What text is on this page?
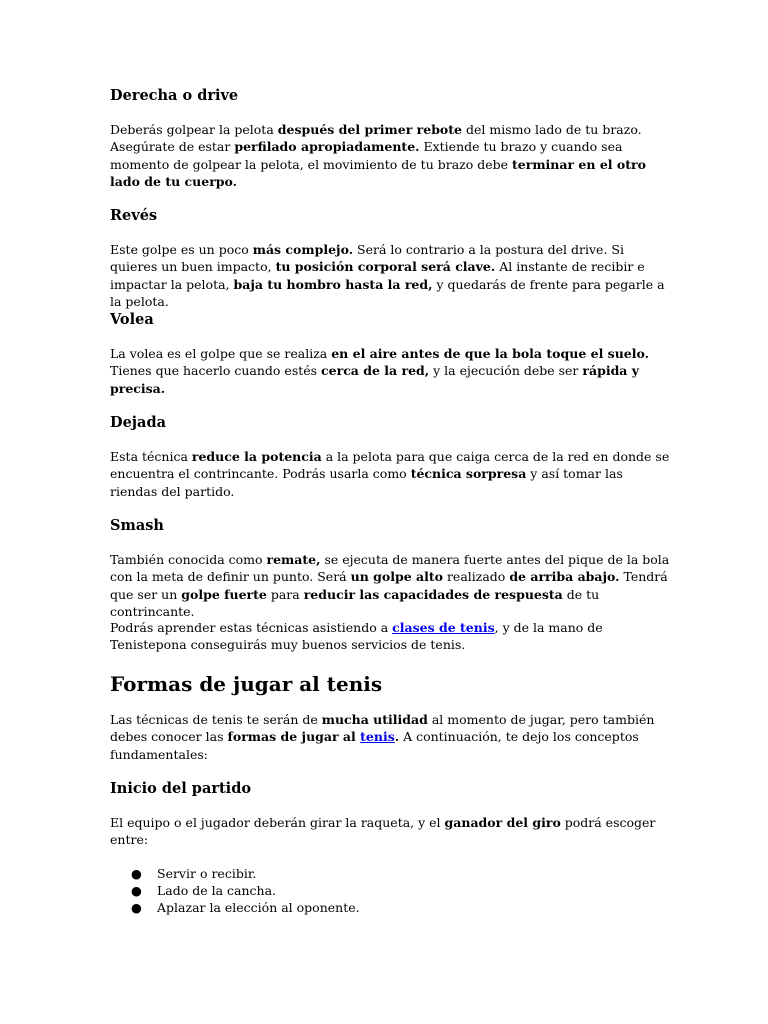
Derecha o drive

Deberás golpear la pelota después del primer rebote del mismo lado de tu brazo. Asegúrate de estar perfilado apropiadamente. Extiende tu brazo y cuando sea momento de golpear la pelota, el movimiento de tu brazo debe terminar en el otro lado de tu cuerpo.

Revés

Este golpe es un poco más complejo. Será lo contrario a la postura del drive. Si quieres un buen impacto, tu posición corporal será clave. Al instante de recibir e impactar la pelota, baja tu hombro hasta la red, y quedarás de frente para pegarle a la pelota.

Volea

La volea es el golpe que se realiza en el aire antes de que la bola toque el suelo. Tienes que hacerlo cuando estés cerca de la red, y la ejecución debe ser rápida y precisa.

Dejada

Esta técnica reduce la potencia a la pelota para que caiga cerca de la red en donde se encuentra el contrincante. Podrás usarla como técnica sorpresa y así tomar las riendas del partido.

Smash

También conocida como remate, se ejecuta de manera fuerte antes del pique de la bola con la meta de definir un punto. Será un golpe alto realizado de arriba abajo. Tendrá que ser un golpe fuerte para reducir las capacidades de respuesta de tu contrincante.

Podrás aprender estas técnicas asistiendo a clases de tenis, y de la mano de Tenistepona conseguirás muy buenos servicios de tenis.

Formas de jugar al tenis

Las técnicas de tenis te serán de mucha utilidad al momento de jugar, pero también debes conocer las formas de jugar al tenis. A continuación, te dejo los conceptos fundamentales:

Inicio del partido

El equipo o el jugador deberán girar la raqueta, y el ganador del giro podrá escoger entre:

● Servir o recibir.
● Lado de la cancha.
● Aplazar la elección al oponente.
